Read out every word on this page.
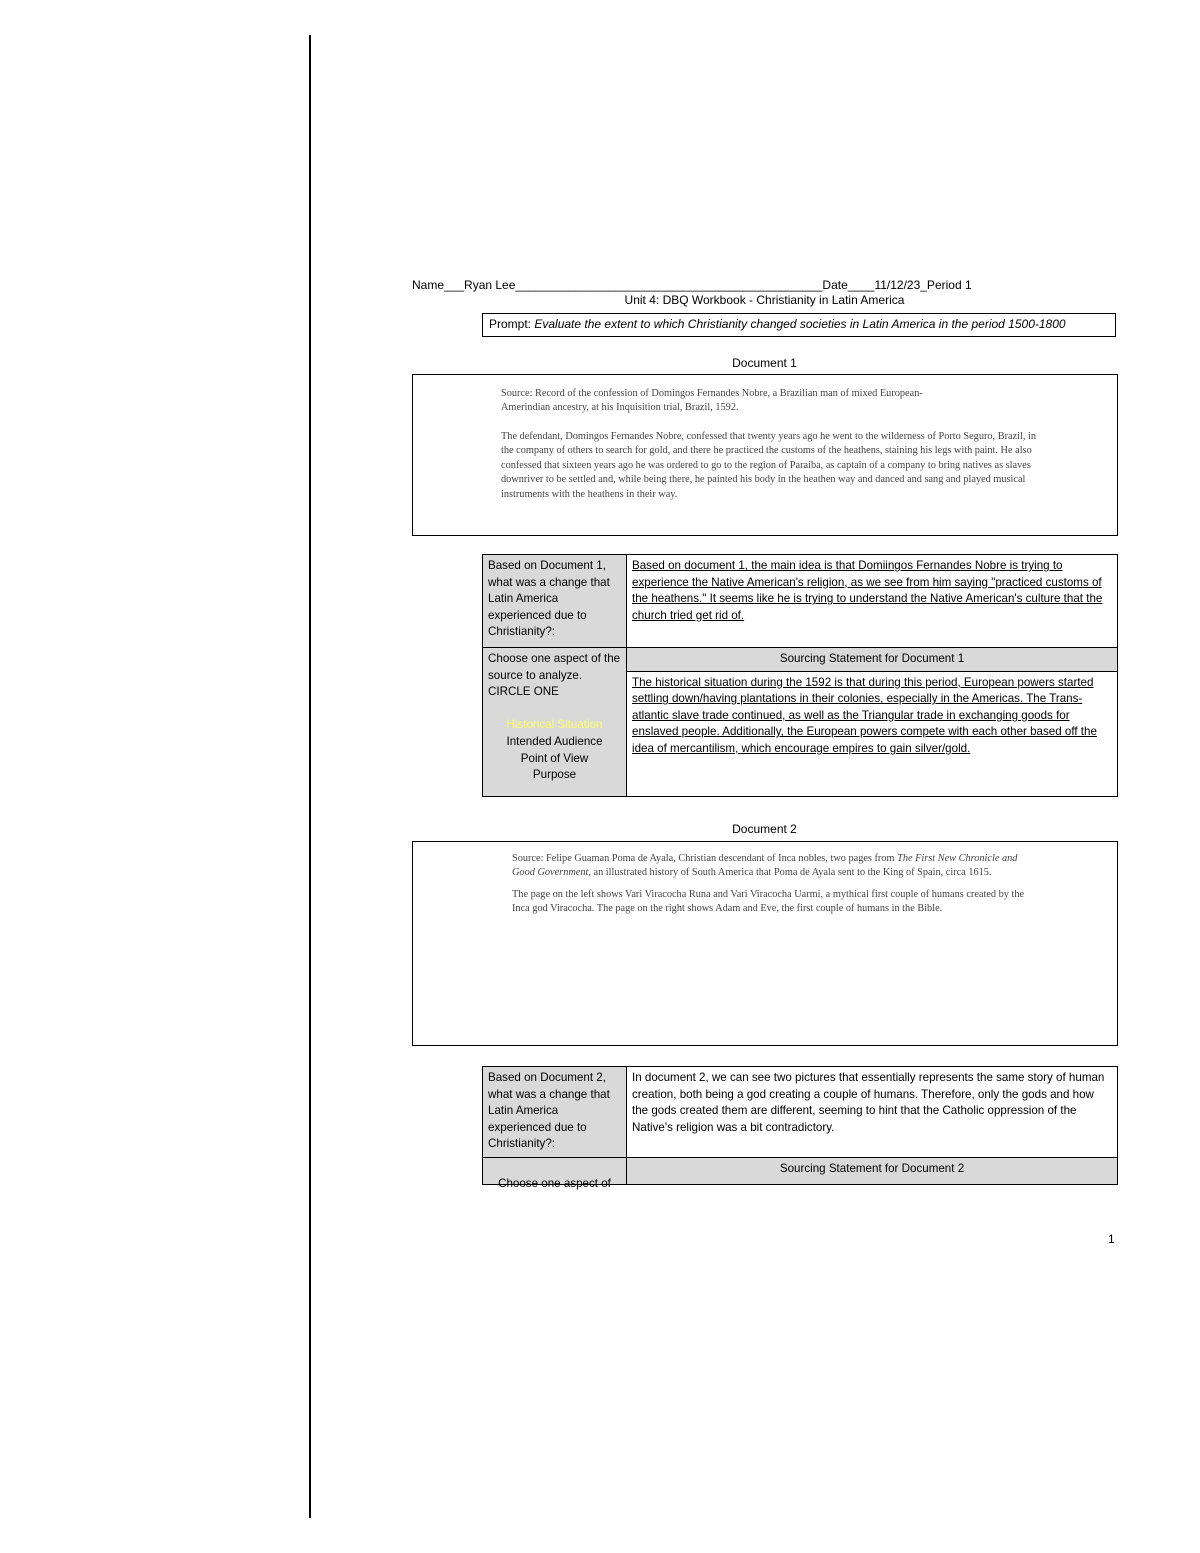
Name___Ryan Lee______________________________________________Date____11/12/23_Period 1
Unit 4: DBQ Workbook - Christianity in Latin America
Prompt: Evaluate the extent to which Christianity changed societies in Latin America in the period 1500-1800
Document 1

Source: Record of the confession of Domingos Fernandes Nobre, a Brazilian man of mixed European-Amerindian ancestry, at his Inquisition trial, Brazil, 1592.

The defendant, Domingos Fernandes Nobre, confessed that twenty years ago he went to the wilderness of Porto Seguro, Brazil, in the company of others to search for gold, and there he practiced the customs of the heathens, staining his legs with paint. He also confessed that sixteen years ago he was ordered to go to the region of Paraíba, as captain of a company to bring natives as slaves downriver to be settled and, while being there, he painted his body in the heathen way and danced and sang and played musical instruments with the heathens in their way.

Based on Document 1, what was a change that Latin America experienced due to Christianity?:	Based on document 1, the main idea is that Domiingos Fernandes Nobre is trying to experience the Native American's religion, as we see from him saying "practiced customs of the heathens." It seems like he is trying to understand the Native American's culture that the church tried get rid of.

Choose one aspect of the source to analyze. CIRCLE ONE

Historical Situation
Intended Audience
Point of View
Purpose	Sourcing Statement for Document 1
	The historical situation during the 1592 is that during this period, European powers started settling down/having plantations in their colonies, especially in the Americas. The Trans-atlantic slave trade continued, as well as the Triangular trade in exchanging goods for enslaved people. Additionally, the European powers compete with each other based off the idea of mercantilism, which encourage empires to gain silver/gold.
Document 2

Source: Felipe Guaman Poma de Ayala, Christian descendant of Inca nobles, two pages from The First New Chronicle and Good Government, an illustrated history of South America that Poma de Ayala sent to the King of Spain, circa 1615.

The page on the left shows Vari Viracocha Runa and Vari Viracocha Uarmi, a mythical first couple of humans created by the Inca god Viracocha. The page on the right shows Adam and Eve, the first couple of humans in the Bible.

Based on Document 2, what was a change that Latin America experienced due to Christianity?:	In document 2, we can see two pictures that essentially represents the same story of human creation, both being a god creating a couple of humans. Therefore, only the gods and how the gods created them are different, seeming to hint that the Catholic oppression of the Native's religion was a bit contradictory.

Choose one aspect of	Sourcing Statement for Document 2
1
